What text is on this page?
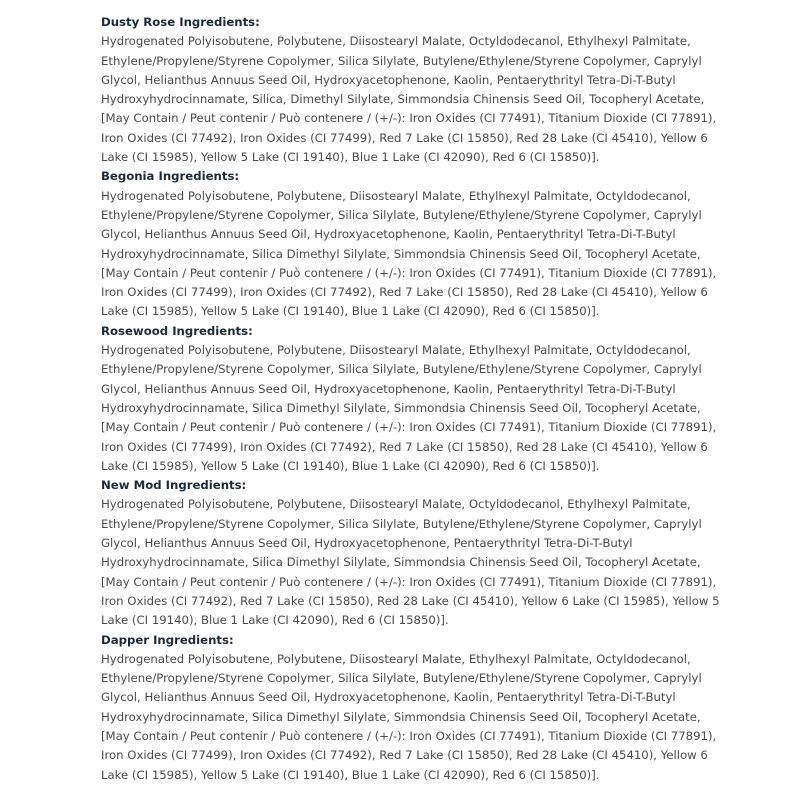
Dusty Rose Ingredients:
Hydrogenated Polyisobutene, Polybutene, Diisostearyl Malate, Octyldodecanol, Ethylhexyl Palmitate,
Ethylene/Propylene/Styrene Copolymer, Silica Silylate, Butylene/Ethylene/Styrene Copolymer, Caprylyl
Glycol, Helianthus Annuus Seed Oil, Hydroxyacetophenone, Kaolin, Pentaerythrityl Tetra-Di-T-Butyl
Hydroxyhydrocinnamate, Silica, Dimethyl Silylate, Simmondsia Chinensis Seed Oil, Tocopheryl Acetate,
[May Contain / Peut contenir / Può contenere / (+/-): Iron Oxides (CI 77491), Titanium Dioxide (CI 77891),
Iron Oxides (CI 77492), Iron Oxides (CI 77499), Red 7 Lake (CI 15850), Red 28 Lake (CI 45410), Yellow 6
Lake (CI 15985), Yellow 5 Lake (CI 19140), Blue 1 Lake (CI 42090), Red 6 (CI 15850)].
Begonia Ingredients:
Hydrogenated Polyisobutene, Polybutene, Diisostearyl Malate, Ethylhexyl Palmitate, Octyldodecanol,
Ethylene/Propylene/Styrene Copolymer, Silica Silylate, Butylene/Ethylene/Styrene Copolymer, Caprylyl
Glycol, Helianthus Annuus Seed Oil, Hydroxyacetophenone, Kaolin, Pentaerythrityl Tetra-Di-T-Butyl
Hydroxyhydrocinnamate, Silica Dimethyl Silylate, Simmondsia Chinensis Seed Oil, Tocopheryl Acetate,
[May Contain / Peut contenir / Può contenere / (+/-): Iron Oxides (CI 77491), Titanium Dioxide (CI 77891),
Iron Oxides (CI 77499), Iron Oxides (CI 77492), Red 7 Lake (CI 15850), Red 28 Lake (CI 45410), Yellow 6
Lake (CI 15985), Yellow 5 Lake (CI 19140), Blue 1 Lake (CI 42090), Red 6 (CI 15850)].
Rosewood Ingredients:
Hydrogenated Polyisobutene, Polybutene, Diisostearyl Malate, Ethylhexyl Palmitate, Octyldodecanol,
Ethylene/Propylene/Styrene Copolymer, Silica Silylate, Butylene/Ethylene/Styrene Copolymer, Caprylyl
Glycol, Helianthus Annuus Seed Oil, Hydroxyacetophenone, Kaolin, Pentaerythrityl Tetra-Di-T-Butyl
Hydroxyhydrocinnamate, Silica Dimethyl Silylate, Simmondsia Chinensis Seed Oil, Tocopheryl Acetate,
[May Contain / Peut contenir / Può contenere / (+/-): Iron Oxides (CI 77491), Titanium Dioxide (CI 77891),
Iron Oxides (CI 77499), Iron Oxides (CI 77492), Red 7 Lake (CI 15850), Red 28 Lake (CI 45410), Yellow 6
Lake (CI 15985), Yellow 5 Lake (CI 19140), Blue 1 Lake (CI 42090), Red 6 (CI 15850)].
New Mod Ingredients:
Hydrogenated Polyisobutene, Polybutene, Diisostearyl Malate, Octyldodecanol, Ethylhexyl Palmitate,
Ethylene/Propylene/Styrene Copolymer, Silica Silylate, Butylene/Ethylene/Styrene Copolymer, Caprylyl
Glycol, Helianthus Annuus Seed Oil, Hydroxyacetophenone, Pentaerythrityl Tetra-Di-T-Butyl
Hydroxyhydrocinnamate, Silica Dimethyl Silylate, Simmondsia Chinensis Seed Oil, Tocopheryl Acetate,
[May Contain / Peut contenir / Può contenere / (+/-): Iron Oxides (CI 77491), Titanium Dioxide (CI 77891),
Iron Oxides (CI 77492), Red 7 Lake (CI 15850), Red 28 Lake (CI 45410), Yellow 6 Lake (CI 15985), Yellow 5
Lake (CI 19140), Blue 1 Lake (CI 42090), Red 6 (CI 15850)].
Dapper Ingredients:
Hydrogenated Polyisobutene, Polybutene, Diisostearyl Malate, Ethylhexyl Palmitate, Octyldodecanol,
Ethylene/Propylene/Styrene Copolymer, Silica Silylate, Butylene/Ethylene/Styrene Copolymer, Caprylyl
Glycol, Helianthus Annuus Seed Oil, Hydroxyacetophenone, Kaolin, Pentaerythrityl Tetra-Di-T-Butyl
Hydroxyhydrocinnamate, Silica Dimethyl Silylate, Simmondsia Chinensis Seed Oil, Tocopheryl Acetate,
[May Contain / Peut contenir / Può contenere / (+/-): Iron Oxides (CI 77491), Titanium Dioxide (CI 77891),
Iron Oxides (CI 77499), Iron Oxides (CI 77492), Red 7 Lake (CI 15850), Red 28 Lake (CI 45410), Yellow 6
Lake (CI 15985), Yellow 5 Lake (CI 19140), Blue 1 Lake (CI 42090), Red 6 (CI 15850)].
